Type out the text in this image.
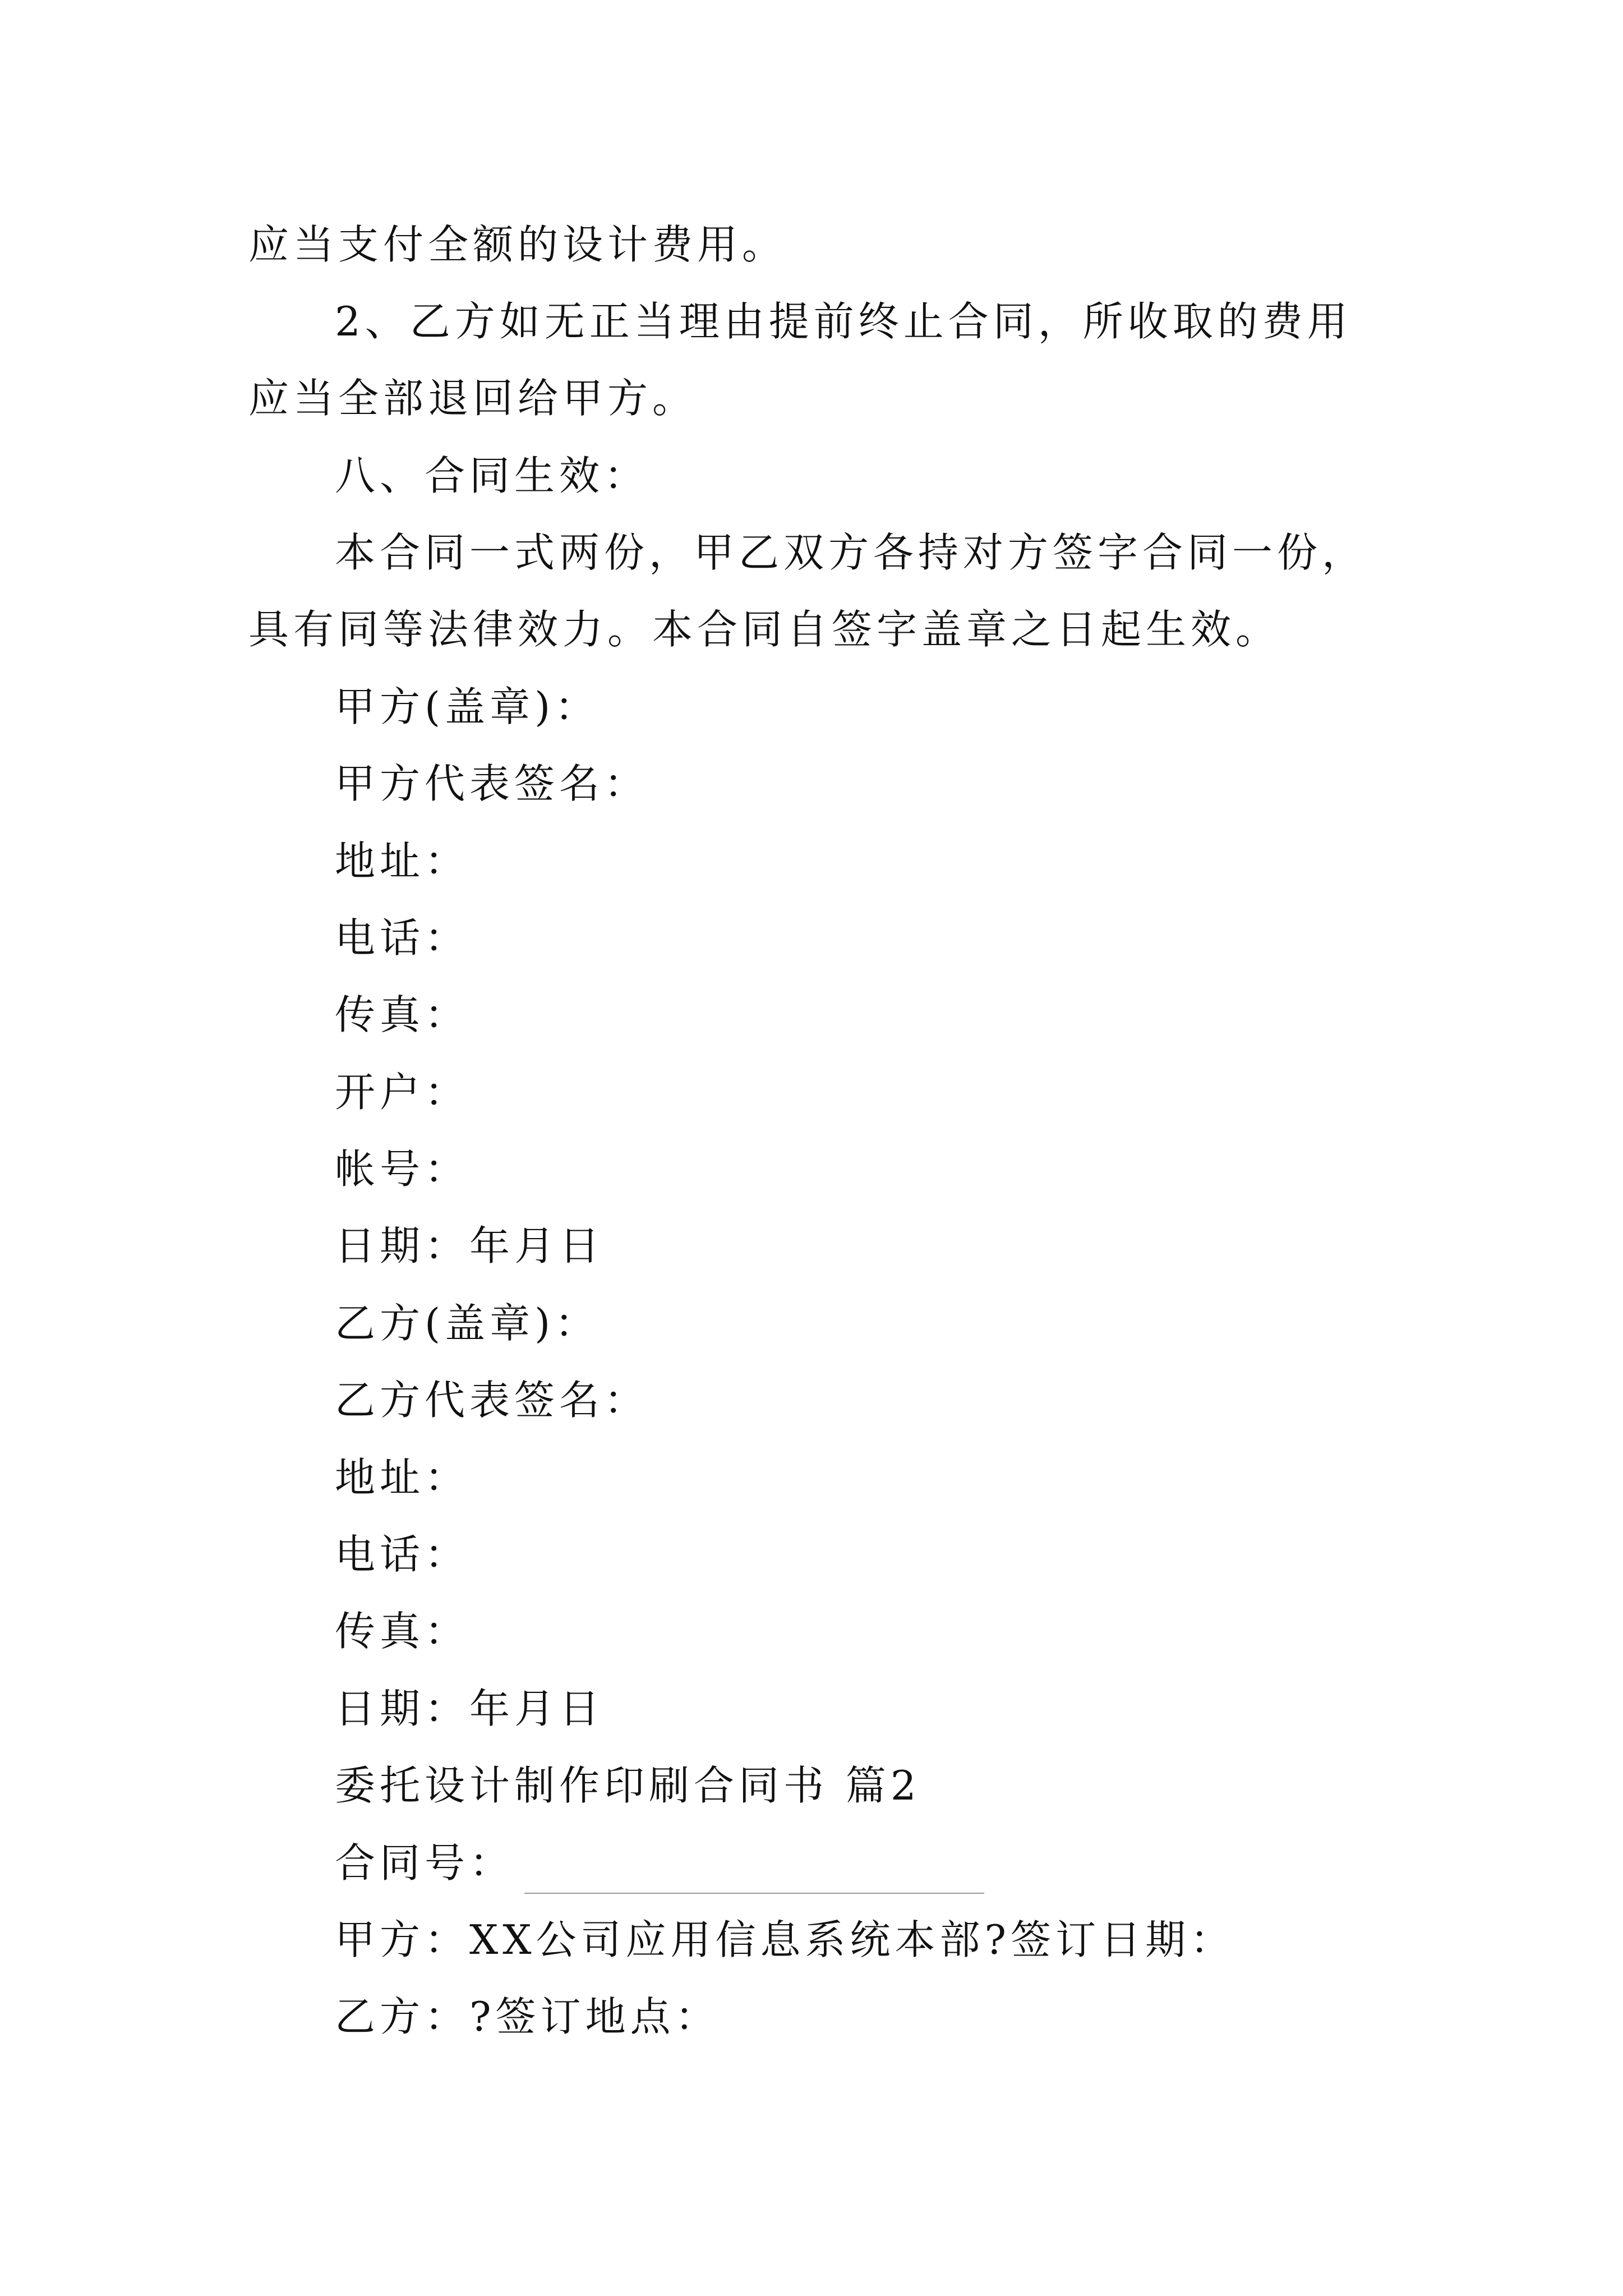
应当支付全额的设计费用。

2、乙方如无正当理由提前终止合同，所收取的费用应当全部退回给甲方。

八、合同生效：

本合同一式两份，甲乙双方各持对方签字合同一份，具有同等法律效力。本合同自签字盖章之日起生效。

甲方(盖章)：

甲方代表签名：

地址：

电话：

传真：

开户：

帐号：

日期：年月日

乙方(盖章)：

乙方代表签名：

地址：

电话：

传真：

日期：年月日

委托设计制作印刷合同书 篇2

合同号：

甲方：XX公司应用信息系统本部?签订日期：

乙方：?签订地点：
